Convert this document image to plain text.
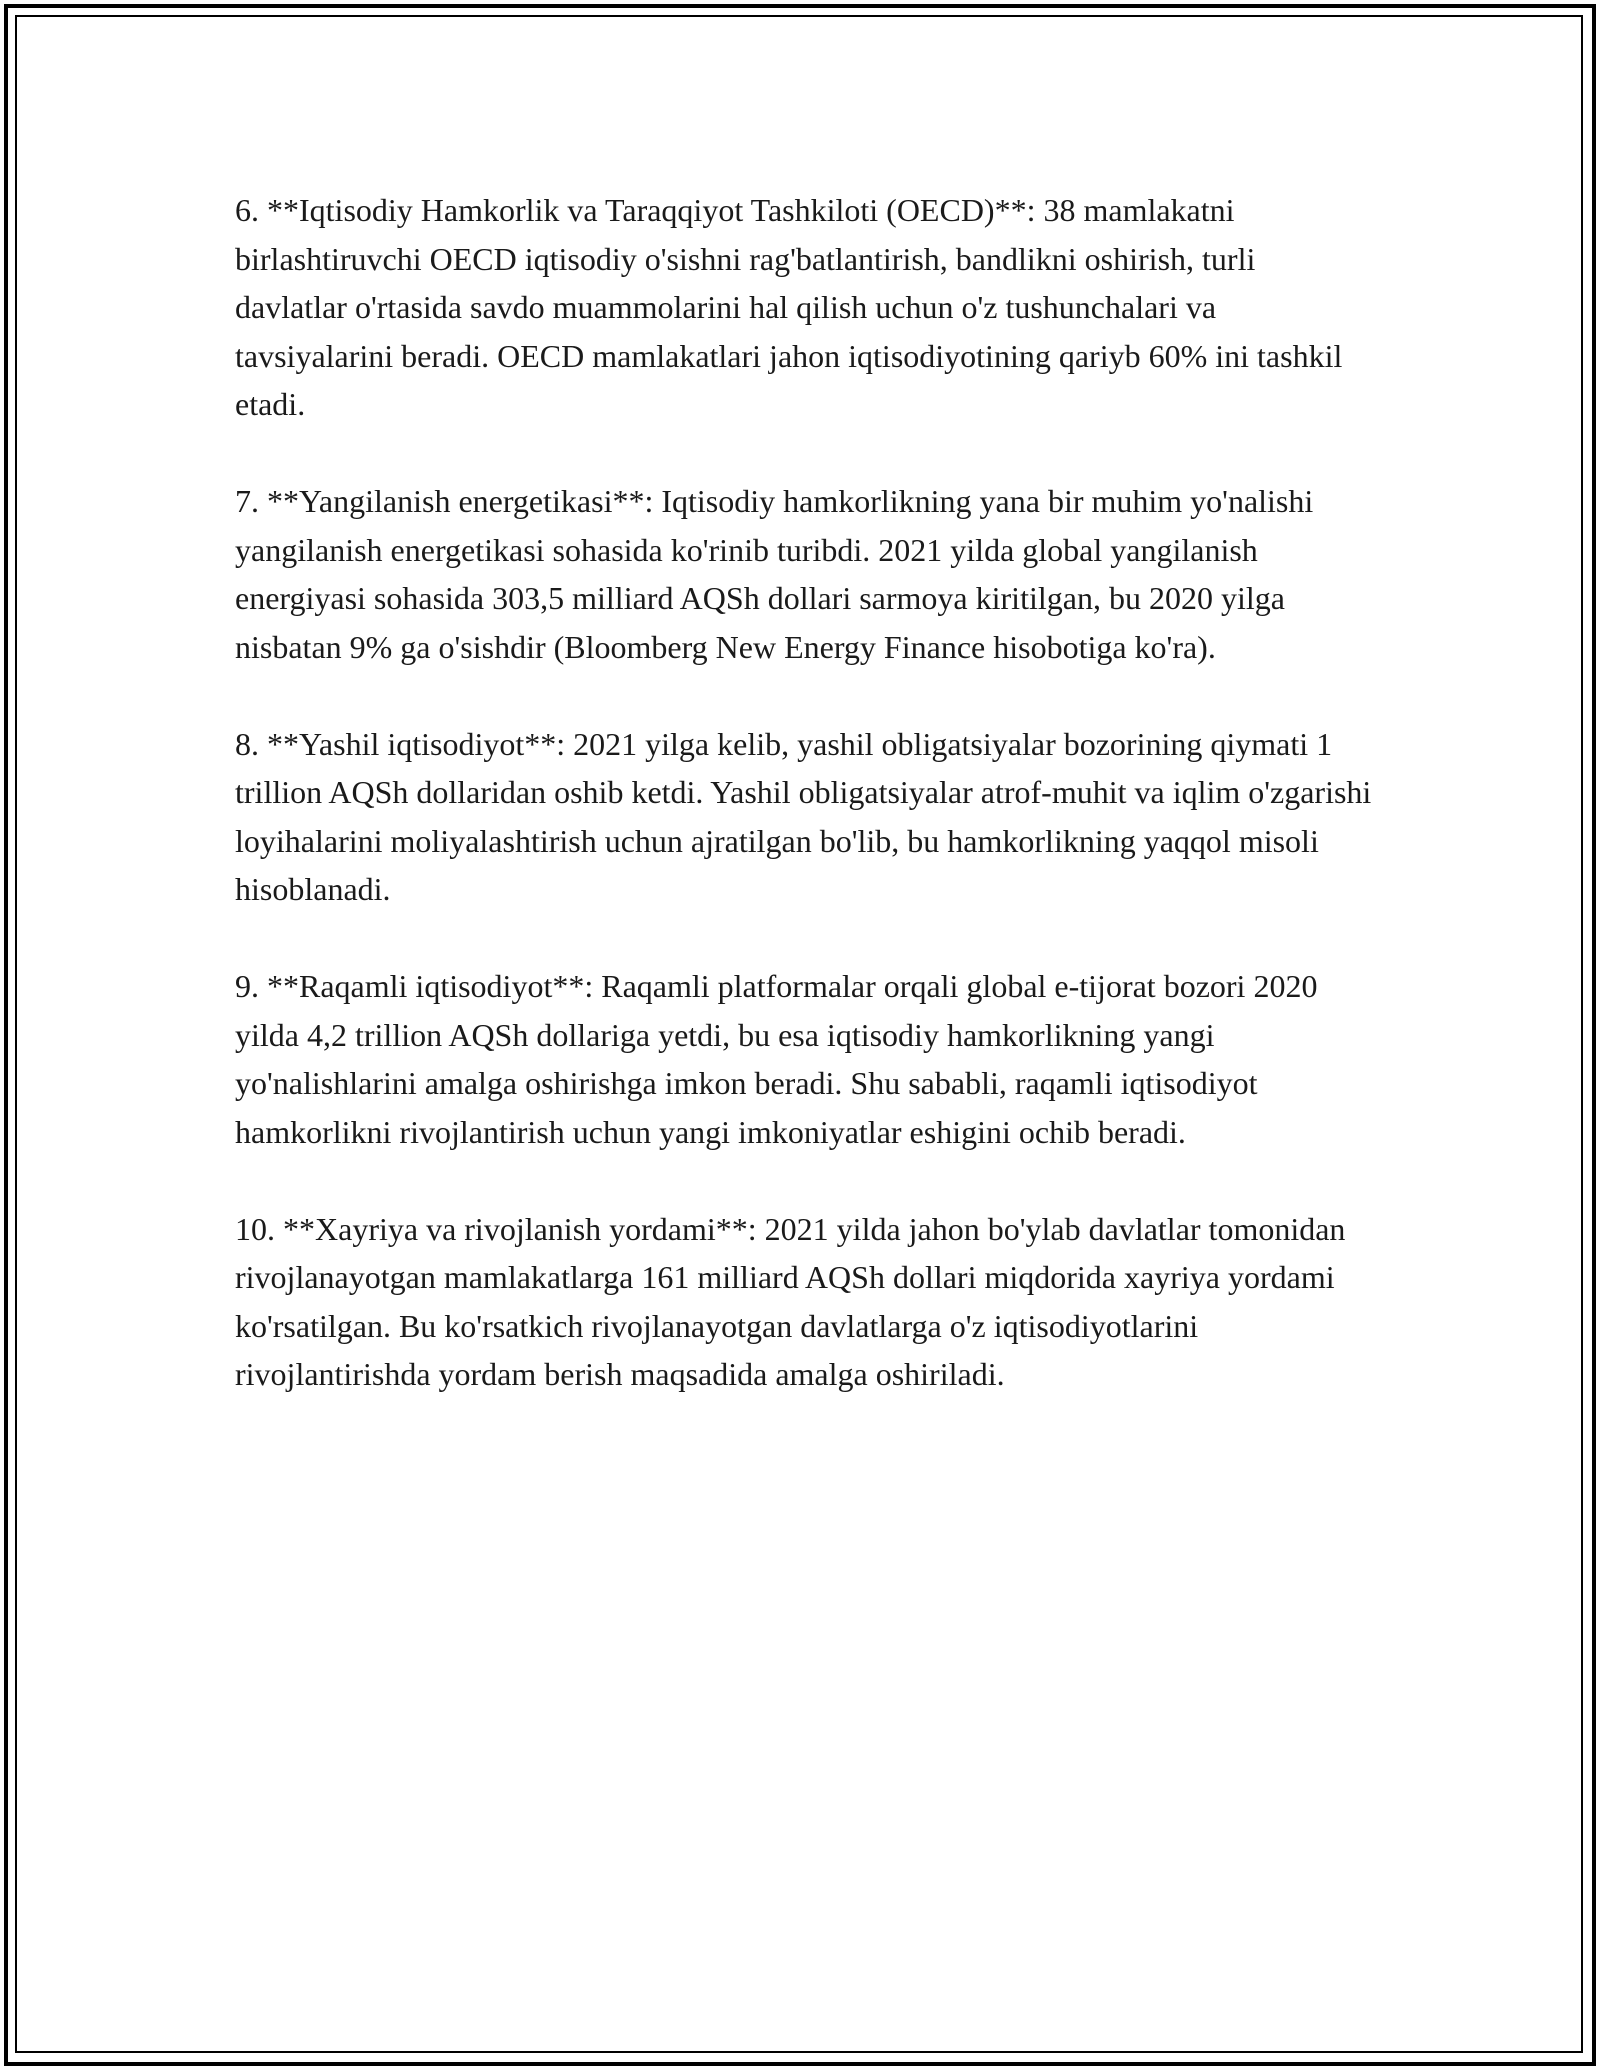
6. **Iqtisodiy Hamkorlik va Taraqqiyot Tashkiloti (OECD)**: 38 mamlakatni birlashtiruvchi OECD iqtisodiy o'sishni rag'batlantirish, bandlikni oshirish, turli davlatlar o'rtasida savdo muammolarini hal qilish uchun o'z tushunchalari va tavsiyalarini beradi. OECD mamlakatlari jahon iqtisodiyotining qariyb 60% ini tashkil etadi.

7. **Yangilanish energetikasi**: Iqtisodiy hamkorlikning yana bir muhim yo'nalishi yangilanish energetikasi sohasida ko'rinib turibdi. 2021 yilda global yangilanish energiyasi sohasida 303,5 milliard AQSh dollari sarmoya kiritilgan, bu 2020 yilga nisbatan 9% ga o'sishdir (Bloomberg New Energy Finance hisobotiga ko'ra).

8. **Yashil iqtisodiyot**: 2021 yilga kelib, yashil obligatsiyalar bozorining qiymati 1 trillion AQSh dollaridan oshib ketdi. Yashil obligatsiyalar atrof-muhit va iqlim o'zgarishi loyihalarini moliyalashtirish uchun ajratilgan bo'lib, bu hamkorlikning yaqqol misoli hisoblanadi.

9. **Raqamli iqtisodiyot**: Raqamli platformalar orqali global e-tijorat bozori 2020 yilda 4,2 trillion AQSh dollariga yetdi, bu esa iqtisodiy hamkorlikning yangi yo'nalishlarini amalga oshirishga imkon beradi. Shu sababli, raqamli iqtisodiyot hamkorlikni rivojlantirish uchun yangi imkoniyatlar eshigini ochib beradi.

10. **Xayriya va rivojlanish yordami**: 2021 yilda jahon bo'ylab davlatlar tomonidan rivojlanayotgan mamlakatlarga 161 milliard AQSh dollari miqdorida xayriya yordami ko'rsatilgan. Bu ko'rsatkich rivojlanayotgan davlatlarga o'z iqtisodiyotlarini rivojlantirishda yordam berish maqsadida amalga oshiriladi.
